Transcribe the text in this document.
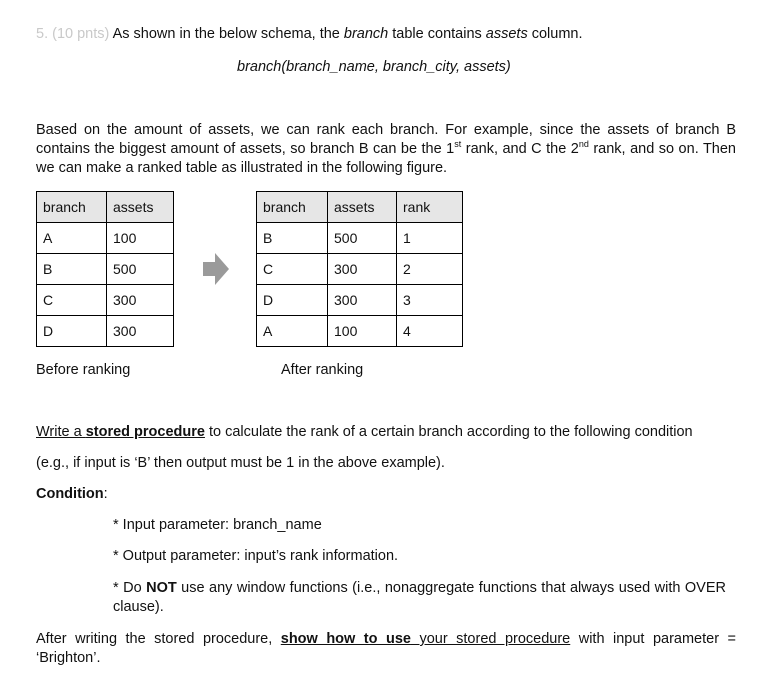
5. (10 pnts) As shown in the below schema, the branch table contains assets column.
branch(branch_name, branch_city, assets)
Based on the amount of assets, we can rank each branch. For example, since the assets of branch B contains the biggest amount of assets, so branch B can be the 1st rank, and C the 2nd rank, and so on. Then we can make a ranked table as illustrated in the following figure.
branch	assets
A	100
B	500
C	300
D	300
Before ranking
branch	assets	rank
B	500	1
C	300	2
D	300	3
A	100	4
After ranking
Write a stored procedure to calculate the rank of a certain branch according to the following condition
(e.g., if input is ‘B’ then output must be 1 in the above example).
Condition:
* Input parameter: branch_name
* Output parameter: input’s rank information.
* Do NOT use any window functions (i.e., nonaggregate functions that always used with OVER clause).
After writing the stored procedure, show how to use your stored procedure with input parameter = ‘Brighton’.
